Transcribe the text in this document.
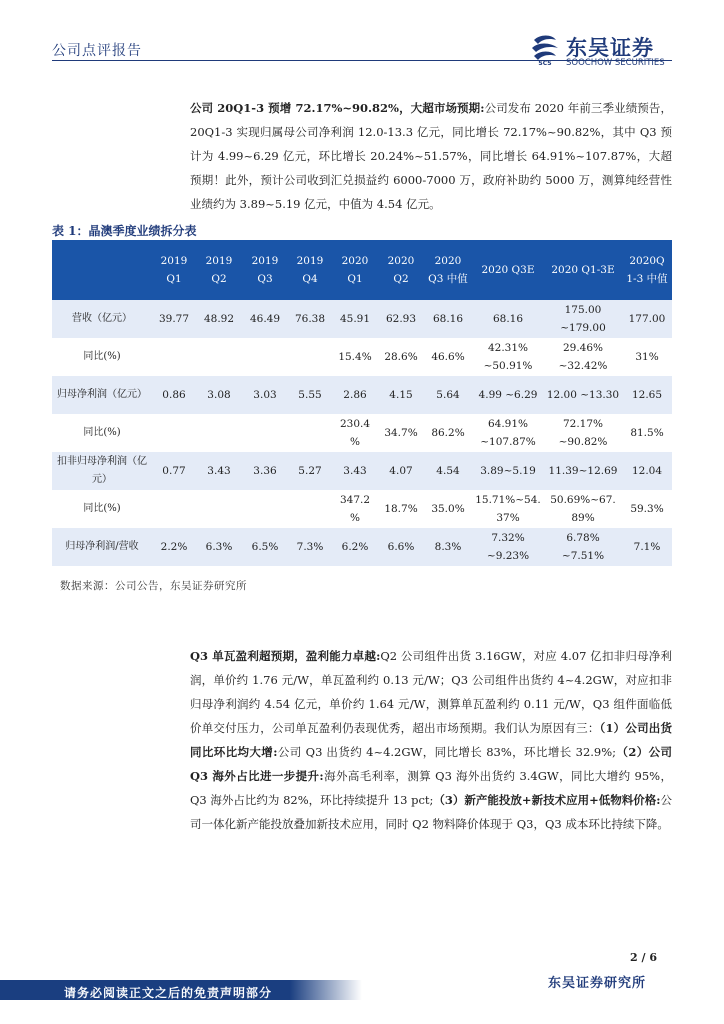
公司点评报告
SCS
东吴证券
SOOCHOW SECURITIES

公司 20Q1-3 预增 72.17%~90.82%，大超市场预期:公司发布 2020 年前三季业绩预告，20Q1-3 实现归属母公司净利润 12.0-13.3 亿元，同比增长 72.17%~90.82%，其中 Q3 预计为 4.99~6.29 亿元，环比增长 20.24%~51.57%，同比增长 64.91%~107.87%，大超预期！此外，预计公司收到汇兑损益约 6000-7000 万，政府补助约 5000 万，测算纯经营性业绩约为 3.89~5.19 亿元，中值为 4.54 亿元。

表 1：晶澳季度业绩拆分表
	2019 Q1	2019 Q2	2019 Q3	2019 Q4	2020 Q1	2020 Q2	2020 Q3 中值	2020 Q3E	2020 Q1-3E	2020Q 1-3 中值
营收（亿元）	39.77	48.92	46.49	76.38	45.91	62.93	68.16	68.16	175.00 ~179.00	177.00
同比(%)					15.4%	28.6%	46.6%	42.31% ~50.91%	29.46% ~32.42%	31%
归母净利润（亿元）	0.86	3.08	3.03	5.55	2.86	4.15	5.64	4.99 ~6.29	12.00 ~13.30	12.65
同比(%)					230.4 %	34.7%	86.2%	64.91% ~107.87%	72.17% ~90.82%	81.5%
扣非归母净利润（亿元）	0.77	3.43	3.36	5.27	3.43	4.07	4.54	3.89~5.19	11.39~12.69	12.04
同比(%)					347.2 %	18.7%	35.0%	15.71%~54. 37%	50.69%~67. 89%	59.3%
归母净利润/营收	2.2%	6.3%	6.5%	7.3%	6.2%	6.6%	8.3%	7.32% ~9.23%	6.78% ~7.51%	7.1%
数据来源：公司公告，东吴证券研究所

Q3 单瓦盈利超预期，盈利能力卓越:Q2 公司组件出货 3.16GW，对应 4.07 亿扣非归母净利润，单价约 1.76 元/W，单瓦盈利约 0.13 元/W；Q3 公司组件出货约 4~4.2GW，对应扣非归母净利润约 4.54 亿元，单价约 1.64 元/W，测算单瓦盈利约 0.11 元/W，Q3 组件面临低价单交付压力，公司单瓦盈利仍表现优秀，超出市场预期。我们认为原因有三：（1）公司出货同比环比均大增:公司 Q3 出货约 4~4.2GW，同比增长 83%，环比增长 32.9%;（2）公司 Q3 海外占比进一步提升:海外高毛利率，测算 Q3 海外出货约 3.4GW，同比大增约 95%，Q3 海外占比约为 82%，环比持续提升 13 pct;（3）新产能投放+新技术应用+低物料价格:公司一体化新产能投放叠加新技术应用，同时 Q2 物料降价体现于 Q3，Q3 成本环比持续下降。

2 / 6
请务必阅读正文之后的免责声明部分
东吴证券研究所
